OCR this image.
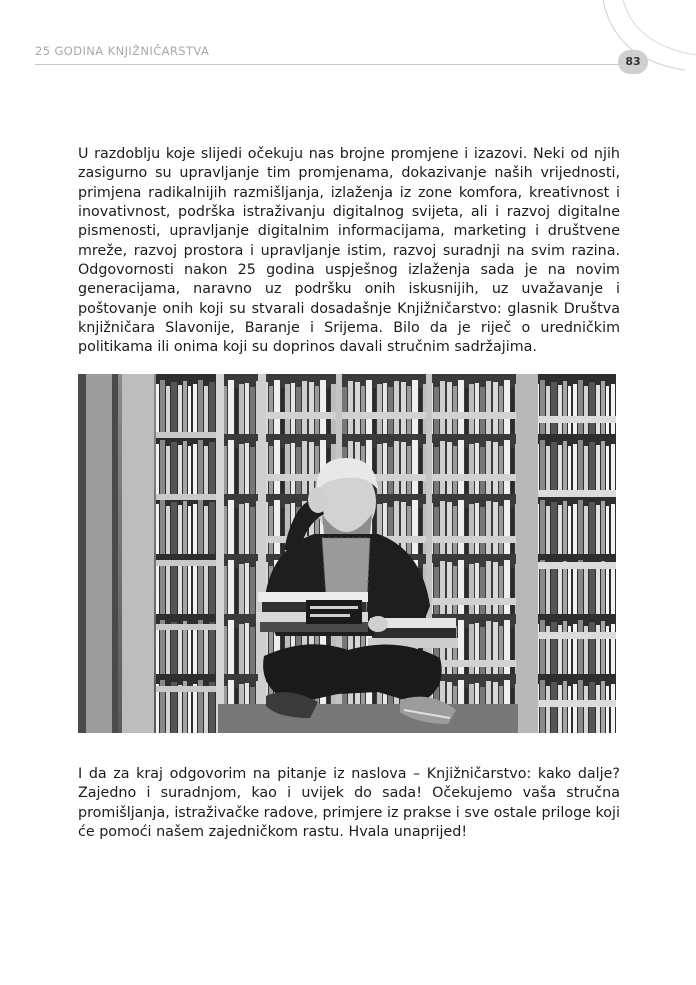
25 GODINA KNJIŽNIČARSTVA
83

U razdoblju koje slijedi očekuju nas brojne promjene i izazovi. Neki od njih zasigurno su upravljanje tim promjenama, dokazivanje naših vrijednosti, primjena radikalnijih razmišljanja, izlaženja iz zone komfora, kreativnost i inovativnost, podrška istraživanju digitalnog svijeta, ali i razvoj digitalne pismenosti, upravljanje digitalnim informacijama, marketing i društvene mreže, razvoj prostora i upravljanje istim, razvoj suradnji na svim razina. Odgovornosti nakon 25 godina uspješnog izlaženja sada je na novim generacijama, naravno uz podršku onih iskusnijih, uz uvažavanje i poštovanje onih koji su stvarali dosadašnje Knjižničarstvo: glasnik Društva knjižničara Slavonije, Baranje i Srijema. Bilo da je riječ o uredničkim politikama ili onima koji su doprinos davali stručnim sadržajima.

I da za kraj odgovorim na pitanje iz naslova – Knjižničarstvo: kako dalje? Zajedno i suradnjom, kao i uvijek do sada! Očekujemo vaša stručna promišljanja, istraživačke radove, primjere iz prakse i sve ostale priloge koji će pomoći našem zajedničkom rastu. Hvala unaprijed!
